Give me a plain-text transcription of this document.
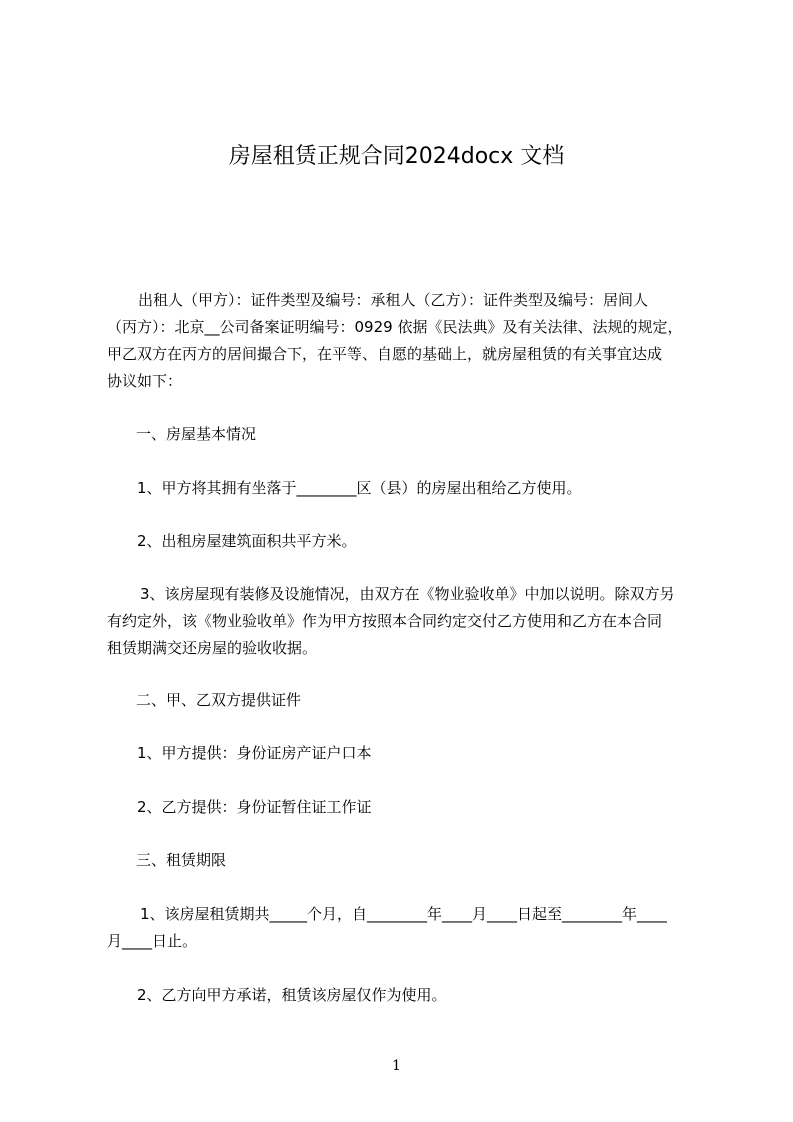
房屋租赁正规合同2024docx 文档
出租人（甲方）：证件类型及编号：承租人（乙方）：证件类型及编号：居间人
（丙方）：北京__公司备案证明编号：0929 依据《民法典》及有关法律、法规的规定，
甲乙双方在丙方的居间撮合下，在平等、自愿的基础上，就房屋租赁的有关事宜达成
协议如下：
一、房屋基本情况
1、甲方将其拥有坐落于________区（县）的房屋出租给乙方使用。
2、出租房屋建筑面积共平方米。
3、该房屋现有装修及设施情况，由双方在《物业验收单》中加以说明。除双方另
有约定外，该《物业验收单》作为甲方按照本合同约定交付乙方使用和乙方在本合同
租赁期满交还房屋的验收收据。
二、甲、乙双方提供证件
1、甲方提供：身份证房产证户口本
2、乙方提供：身份证暂住证工作证
三、租赁期限
1、该房屋租赁期共_____个月，自________年____月____日起至________年____
月____日止。
2、乙方向甲方承诺，租赁该房屋仅作为使用。
1
